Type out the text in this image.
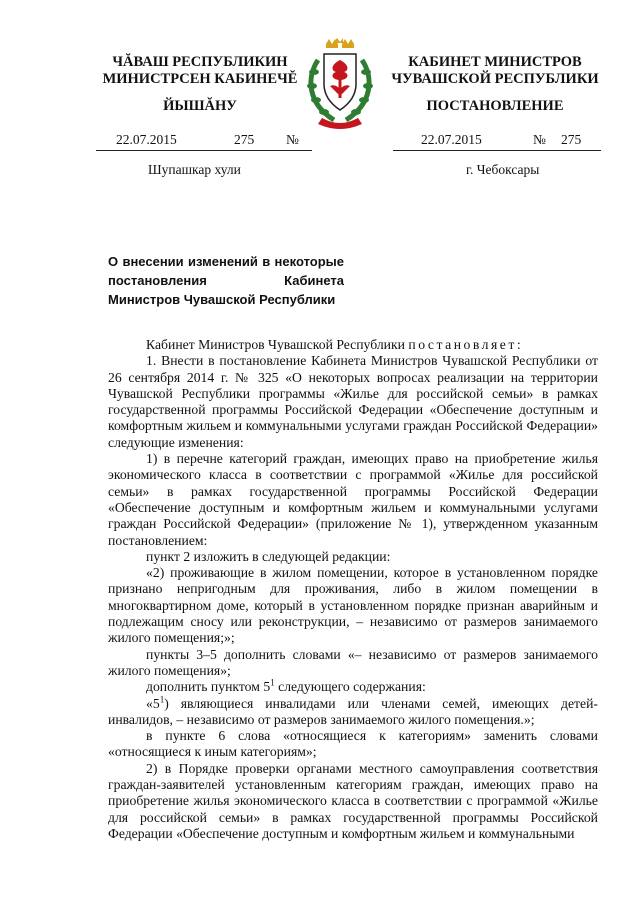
ЧĂВАШ РЕСПУБЛИКИН
МИНИСТРСЕН КАБИНЕЧĔ
КАБИНЕТ МИНИСТРОВ
ЧУВАШСКОЙ РЕСПУБЛИКИ
ЙЫШĂНУ	ПОСТАНОВЛЕНИЕ
22.07.2015	275 №	22.07.2015	№ 275
Шупашкар хули	г. Чебоксары
О внесении изменений в некоторые постановления Кабинета Министров Чувашской Республики

Кабинет Министров Чувашской Республики постановляет:

1. Внести в постановление Кабинета Министров Чувашской Республики от 26 сентября 2014 г. № 325 «О некоторых вопросах реализации на территории Чувашской Республики программы «Жилье для российской семьи» в рамках государственной программы Российской Федерации «Обеспечение доступным и комфортным жильем и коммунальными услугами граждан Российской Федерации» следующие изменения:

1) в перечне категорий граждан, имеющих право на приобретение жилья экономического класса в соответствии с программой «Жилье для российской семьи» в рамках государственной программы Российской Федерации «Обеспечение доступным и комфортным жильем и коммунальными услугами граждан Российской Федерации» (приложение № 1), утвержденном указанным постановлением:

пункт 2 изложить в следующей редакции:

«2) проживающие в жилом помещении, которое в установленном порядке признано непригодным для проживания, либо в жилом помещении в многоквартирном доме, который в установленном порядке признан аварийным и подлежащим сносу или реконструкции, – независимо от размеров занимаемого жилого помещения;»;

пункты 3–5 дополнить словами «– независимо от размеров занимаемого жилого помещения»;

дополнить пунктом $5^1$ следующего содержания:

«$5^1$) являющиеся инвалидами или членами семей, имеющих детей-инвалидов, – независимо от размеров занимаемого жилого помещения.»;

в пункте 6 слова «относящиеся к категориям» заменить словами «относящиеся к иным категориям»;

2) в Порядке проверки органами местного самоуправления соответствия граждан-заявителей установленным категориям граждан, имеющих право на приобретение жилья экономического класса в соответствии с программой «Жилье для российской семьи» в рамках государственной программы Российской Федерации «Обеспечение доступным и комфортным жильем и коммунальными
